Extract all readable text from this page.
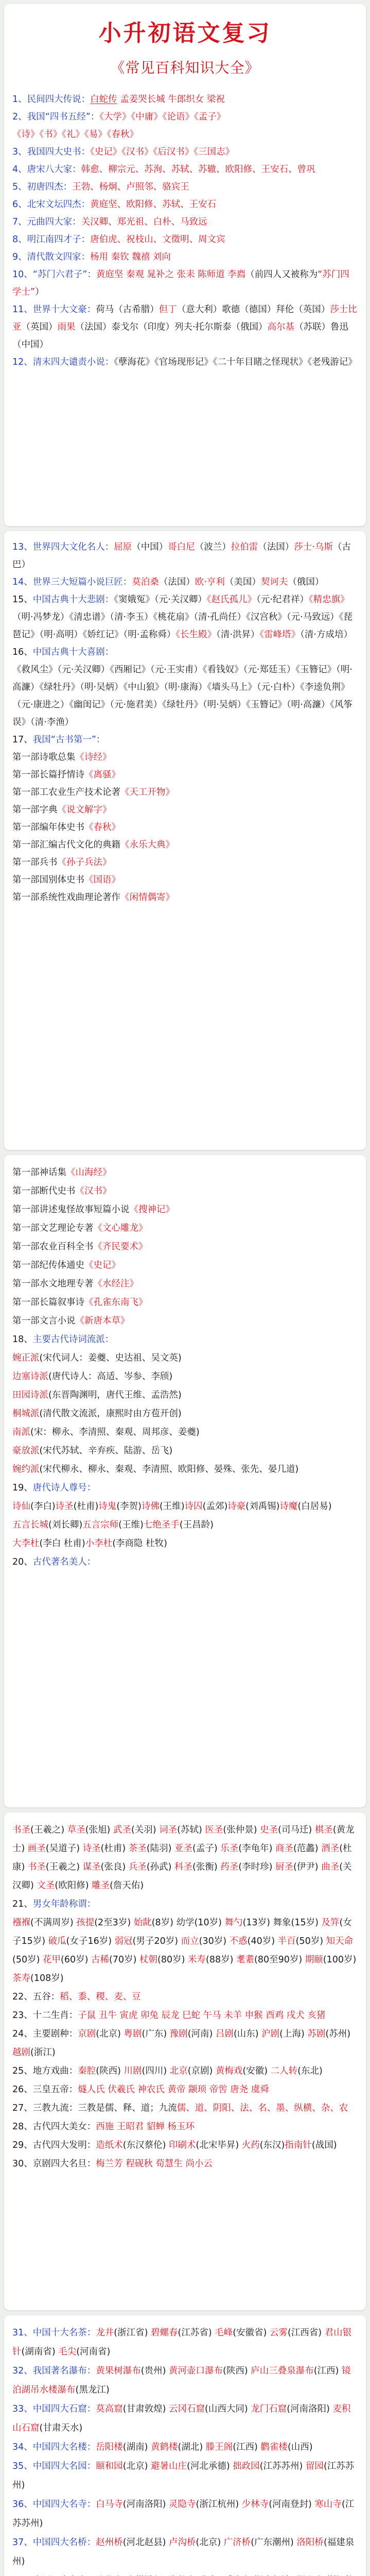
小升初语文复习
《常见百科知识大全》

1、民间四大传说：白蛇传 孟姜哭长城 牛郎织女 梁祝

2、我国“四书五经”：《大学》《中庸》《论语》《孟子》

《诗》《书》《礼》《易》《春秋》

3、我国四大史书：《史记》《汉书》《后汉书》《三国志》

4、唐宋八大家：韩愈、柳宗元、苏洵、苏轼、苏辙、欧阳修、王安石、曾巩

5、初唐四杰：王勃、杨炯、卢照邻、骆宾王

6、北宋文坛四杰：黄庭坚、欧阳修、苏轼、王安石

7、元曲四大家：关汉卿、郑光祖、白朴、马致远

8、明江南四才子：唐伯虎、祝枝山、文徵明、周文宾

9、清代散文四家：杨用 秦钦 魏禧 刘向

10、“苏门六君子”：黄庭坚 秦观 晁补之 张耒 陈师道 李廌（前四人又被称为“苏门四学士”）

11、世界十大文豪：荷马（古希腊）但丁（意大利）歌德（德国）拜伦（英国）莎士比亚（英国）雨果（法国）泰戈尔（印度）列夫·托尔斯泰（俄国）高尔基（苏联）鲁迅（中国）

12、清末四大谴责小说：《孽海花》《官场现形记》《二十年目睹之怪现状》《老残游记》

13、世界四大文化名人：屈原（中国）哥白尼（波兰）拉伯雷（法国）莎士·乌斯（古巴）

14、世界三大短篇小说巨匠：莫泊桑（法国）欧·亨利（美国）契诃夫（俄国）

15、中国古典十大悲剧：《窦娥冤》（元·关汉卿）《赵氏孤儿》（元·纪君祥）《精忠旗》（明·冯梦龙）《清忠谱》（清·李玉）《桃花扇》（清·孔尚任）《汉宫秋》（元·马致远）《琵琶记》（明·高明）《娇红记》（明·孟称舜）《长生殿》（清·洪昇）《雷峰塔》（清·方成培）

16、中国古典十大喜剧：

《救风尘》（元·关汉卿）《西厢记》（元·王实甫）《看钱奴》（元·郑廷玉）《玉簪记》（明·高濂）《绿牡丹》（明·吴炳）《中山狼》（明·康海）《墙头马上》（元·白朴）《李逵负荆》（元·康进之）《幽闺记》（元·施君美）《绿牡丹》（明·吴炳）《玉簪记》（明·高濂）《风筝误》（清·李渔）

17、我国“古书第一”：

第一部诗歌总集《诗经》

第一部长篇抒情诗《离骚》

第一部工农业生产技术论著《天工开物》

第一部字典《说文解字》

第一部编年体史书《春秋》

第一部汇编古代文化的典籍《永乐大典》

第一部兵书《孙子兵法》

第一部国别体史书《国语》

第一部系统性戏曲理论著作《闲情偶寄》

第一部神话集《山海经》

第一部断代史书《汉书》

第一部讲述鬼怪故事短篇小说《搜神记》

第一部文艺理论专著《文心雕龙》

第一部农业百科全书《齐民要术》

第一部纪传体通史《史记》

第一部水文地理专著《水经注》

第一部长篇叙事诗《孔雀东南飞》

第一部文言小说《新唐本草》

18、主要古代诗词流派：

婉正派(宋代词人：姜夔、史达祖、吴文英)

边塞诗派(唐代诗人：高适、岑参、李颀)

田园诗派(东晋陶渊明，唐代王维、孟浩然)

桐城派(清代散文流派，康熙时由方苞开创)

南派(宋：柳永、李清照、秦观、周邦彦、姜夔)

豪放派(宋代苏轼、辛弃疾、陆游、岳飞)

婉约派(宋代柳永、柳永、秦观、李清照、欧阳修、晏殊、张先、晏几道)

19、唐代诗人尊号：

诗仙(李白)诗圣(杜甫)诗鬼(李贺)诗佛(王维)诗囚(孟郊)诗豪(刘禹锡)诗魔(白居易)

五言长城(刘长卿)五言宗师(王维)七绝圣手(王昌龄)

大李杜(李白 杜甫)小李杜(李商隐 杜牧)

20、古代著名美人：

书圣(王羲之) 草圣(张旭) 武圣(关羽) 词圣(苏轼) 医圣(张仲景) 史圣(司马迁) 棋圣(黄龙士) 画圣(吴道子) 诗圣(杜甫) 茶圣(陆羽) 亚圣(孟子) 乐圣(李龟年) 商圣(范蠡) 酒圣(杜康) 书圣(王羲之) 谋圣(张良) 兵圣(孙武) 科圣(张衡) 药圣(李时珍) 厨圣(伊尹) 曲圣(关汉卿) 文圣(欧阳修) 雕圣(詹天佑)

21、男女年龄称谓：

襁褓(不满周岁) 孩提(2至3岁) 始龀(8岁) 幼学(10岁) 舞勺(13岁) 舞象(15岁) 及笄(女子15岁) 破瓜(女子16岁) 弱冠(男子20岁) 而立(30岁) 不惑(40岁) 半百(50岁) 知天命(50岁) 花甲(60岁) 古稀(70岁) 杖朝(80岁) 米寿(88岁) 耄耋(80至90岁) 期颐(100岁) 茶寿(108岁)

22、五谷：稻、黍、稷、麦、豆

23、十二生肖：子鼠 丑牛 寅虎 卯兔 辰龙 巳蛇 午马 未羊 申猴 酉鸡 戌犬 亥猪

24、主要剧种：京剧(北京) 粤剧(广东) 豫剧(河南) 吕剧(山东) 沪剧(上海) 苏剧(苏州) 越剧(浙江)

25、地方戏曲：秦腔(陕西) 川剧(四川) 北京(京剧) 黄梅戏(安徽) 二人转(东北)

26、三皇五帝：燧人氏 伏羲氏 神农氏 黄帝 颛顼 帝喾 唐尧 虞舜

27、三教九流：三教是儒、释、道；九流儒、道、阴阳、法、名、墨、纵横、杂、农

28、古代四大美女：西施 王昭君 貂蝉 杨玉环

29、古代四大发明：造纸术(东汉蔡伦) 印刷术(北宋毕昇) 火药(东汉)指南针(战国)

30、京剧四大名旦：梅兰芳 程砚秋 荀慧生 尚小云

31、中国十大名茶：龙井(浙江省) 碧螺春(江苏省) 毛峰(安徽省) 云雾(江西省) 君山银针(湖南省) 毛尖(河南省)

32、我国著名瀑布：黄果树瀑布(贵州) 黄河壶口瀑布(陕西) 庐山三叠泉瀑布(江西) 镜泊湖吊水楼瀑布(黑龙江)

33、中国四大石窟：莫高窟(甘肃敦煌) 云冈石窟(山西大同) 龙门石窟(河南洛阳) 麦积山石窟(甘肃天水)

34、中国四大名楼：岳阳楼(湖南) 黄鹤楼(湖北) 滕王阁(江西) 鹳雀楼(山西)

35、中国四大名园：颐和园(北京) 避暑山庄(河北承德) 拙政园(江苏苏州) 留园(江苏苏州)

36、中国四大名寺：白马寺(河南洛阳) 灵隐寺(浙江杭州) 少林寺(河南登封) 寒山寺(江苏苏州)

37、中国四大名桥：赵州桥(河北赵县) 卢沟桥(北京) 广济桥(广东潮州) 洛阳桥(福建泉州)
